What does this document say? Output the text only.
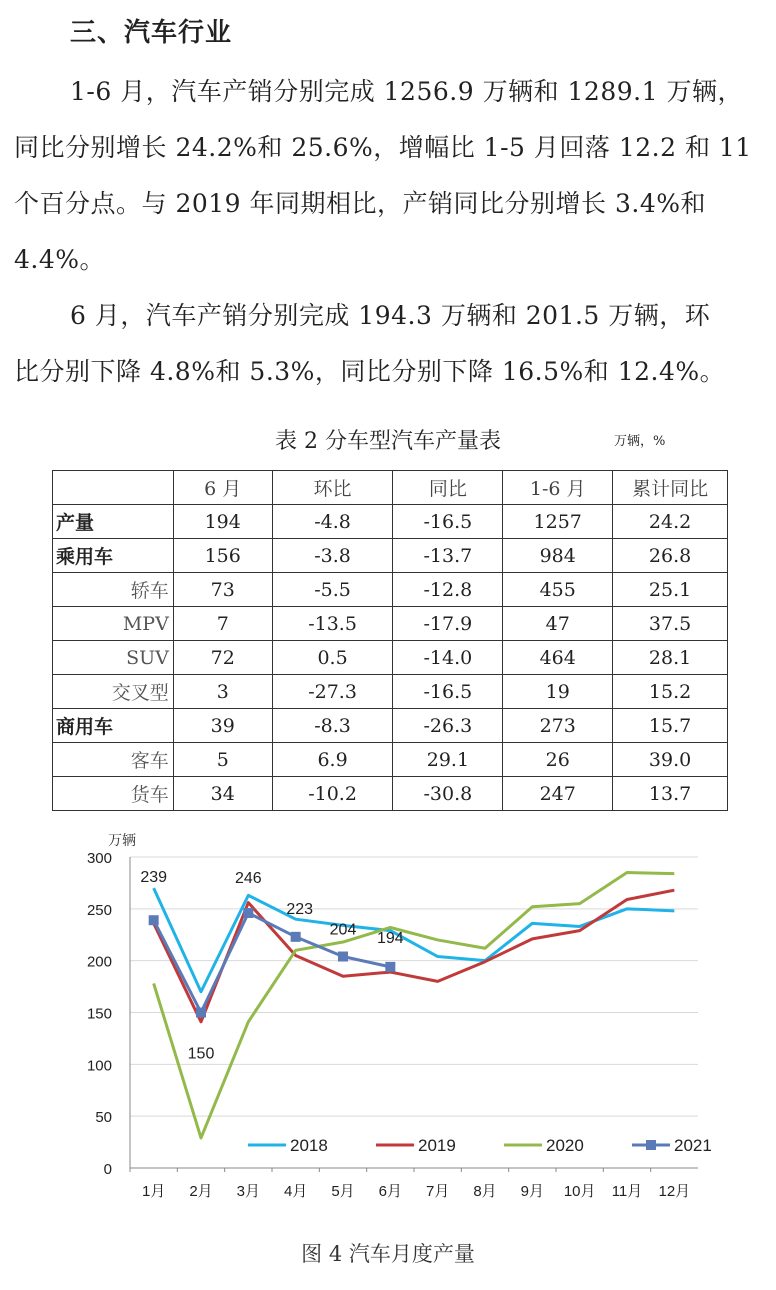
三、汽车行业
1-6 月，汽车产销分别完成 1256.9 万辆和 1289.1 万辆，
同比分别增长 24.2%和 25.6%，增幅比 1-5 月回落 12.2 和 11
个百分点。与 2019 年同期相比，产销同比分别增长 3.4%和
4.4%。
6 月，汽车产销分别完成 194.3 万辆和 201.5 万辆，环
比分别下降 4.8%和 5.3%，同比分别下降 16.5%和 12.4%。
表 2 分车型汽车产量表	万辆，%
	6 月	环比	同比	1-6 月	累计同比
产量	194	-4.8	-16.5	1257	24.2
乘用车	156	-3.8	-13.7	984	26.8
轿车	73	-5.5	-12.8	455	25.1
MPV	7	-13.5	-17.9	47	37.5
SUV	72	0.5	-14.0	464	28.1
交叉型	3	-27.3	-16.5	19	15.2
商用车	39	-8.3	-26.3	273	15.7
客车	5	6.9	29.1	26	39.0
货车	34	-10.2	-30.8	247	13.7
万辆
0
50
100
150
200
250
300
1月 2月 3月 4月 5月 6月 7月 8月 9月 10月 11月 12月
2018	2019	2020
239
150
246
223
204 194
2021
图 4 汽车月度产量
